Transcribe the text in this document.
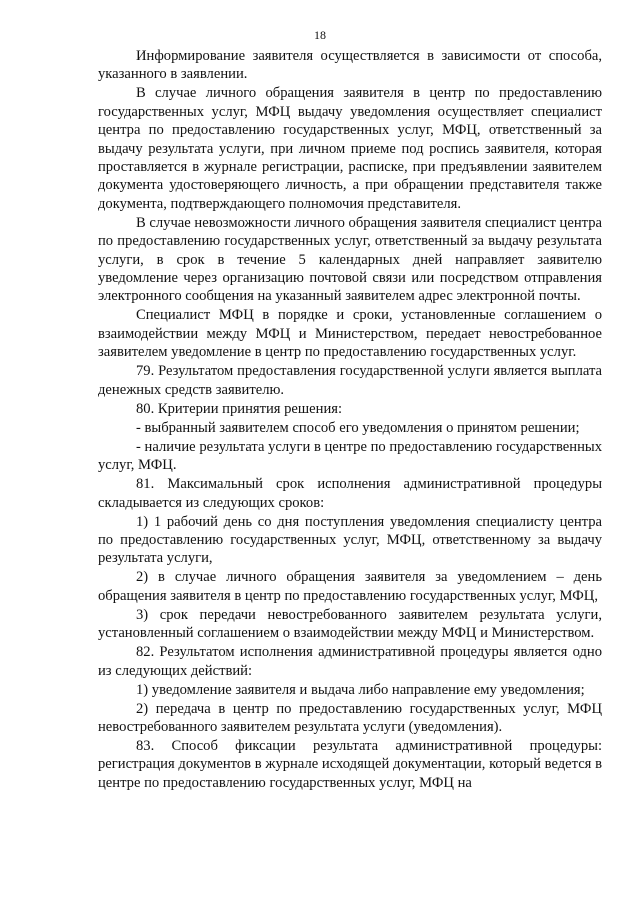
18

Информирование заявителя осуществляется в зависимости от способа, указанного в заявлении.

В случае личного обращения заявителя в центр по предоставлению государственных услуг, МФЦ выдачу уведомления осуществляет специалист центра по предоставлению государственных услуг, МФЦ, ответственный за выдачу результата услуги, при личном приеме под роспись заявителя, которая проставляется в журнале регистрации, расписке, при предъявлении заявителем документа удостоверяющего личность, а при обращении представителя также документа, подтверждающего полномочия представителя.

В случае невозможности личного обращения заявителя специалист центра по предоставлению государственных услуг, ответственный за выдачу результата услуги, в срок в течение 5 календарных дней направляет заявителю уведомление через организацию почтовой связи или посредством отправления электронного сообщения на указанный заявителем адрес электронной почты.

Специалист МФЦ в порядке и сроки, установленные соглашением о взаимодействии между МФЦ и Министерством, передает невостребованное заявителем уведомление в центр по предоставлению государственных услуг.

79. Результатом предоставления государственной услуги является выплата денежных средств заявителю.

80. Критерии принятия решения:

- выбранный заявителем способ его уведомления о принятом решении;

- наличие результата услуги в центре по предоставлению государственных услуг, МФЦ.

81. Максимальный срок исполнения административной процедуры складывается из следующих сроков:

1) 1 рабочий день со дня поступления уведомления специалисту центра по предоставлению государственных услуг, МФЦ, ответственному за выдачу результата услуги,

2) в случае личного обращения заявителя за уведомлением – день обращения заявителя в центр по предоставлению государственных услуг, МФЦ,

3) срок передачи невостребованного заявителем результата услуги, установленный соглашением о взаимодействии между МФЦ и Министерством.

82. Результатом исполнения административной процедуры является одно из следующих действий:

1) уведомление заявителя и выдача либо направление ему уведомления;

2) передача в центр по предоставлению государственных услуг, МФЦ невостребованного заявителем результата услуги (уведомления).

83. Способ фиксации результата административной процедуры: регистрация документов в журнале исходящей документации, который ведется в центре по предоставлению государственных услуг, МФЦ на
